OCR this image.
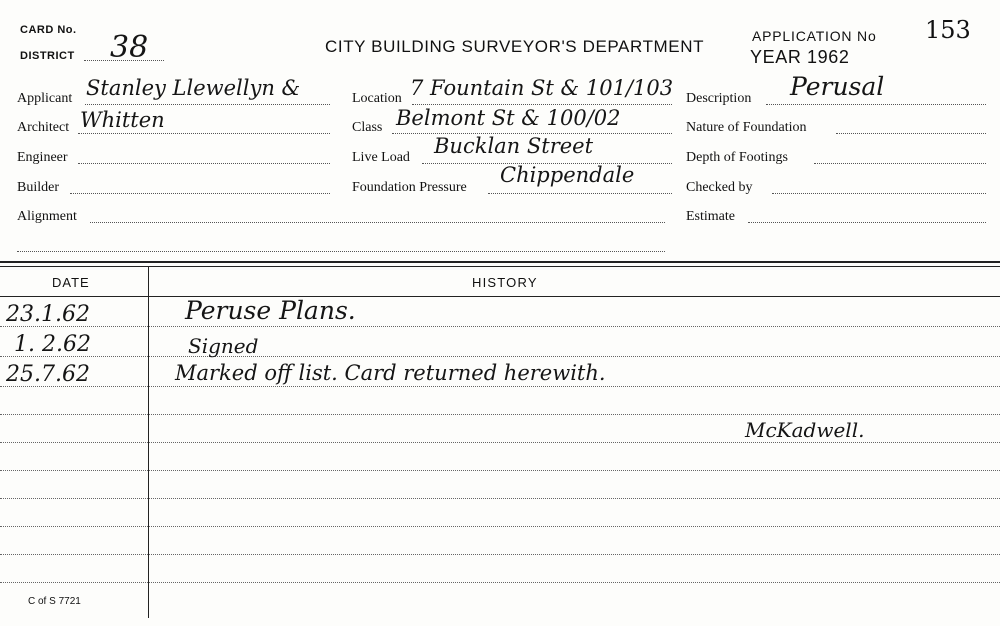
CARD No.
DISTRICT 38	CITY BUILDING SURVEYOR'S DEPARTMENT
APPLICATION No 153
YEAR 1962
Applicant Stanley Llewellyn &
Architect Whitten
Engineer
Builder
Alignment
Location 7 Fountain St & 101/103
Class Belmont St & 100/02
Live Load Bucklan Street
Foundation Pressure
Chippendale
Description Perusal
Nature of Foundation
Depth of Footings
Checked by
Estimate
DATE	HISTORY
23.1.62	Peruse Plans.
1. 2.62	Signed
25.7.62	Marked off list. Card returned herewith.
McKadwell.
C of S 7721
